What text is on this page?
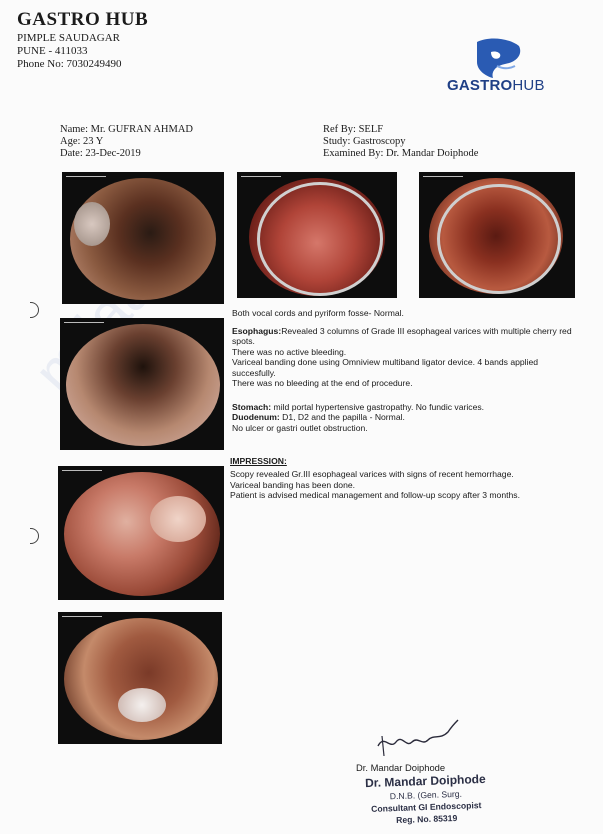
GASTRO HUB
PIMPLE SAUDAGAR
PUNE - 411033
Phone No: 7030249490
GASTROHUB
Name: Mr. GUFRAN AHMAD
Age: 23 Y
Date: 23-Dec-2019
Ref By: SELF
Study: Gastroscopy
Examined By: Dr. Mandar Doiphode
Both vocal cords and pyriform fosse- Normal.
Esophagus:Revealed 3 columns of Grade III esophageal varices with multiple cherry red spots.
There was no active bleeding.
Variceal banding done using Omniview multiband ligator device. 4 bands applied succesfully.
There was no bleeding at the end of procedure.
Stomach: mild portal hypertensive gastropathy. No fundic varices.
Duodenum: D1, D2 and the papilla - Normal.
No ulcer or gastri outlet obstruction.
IMPRESSION:
Scopy revealed Gr.III esophageal varices with signs of recent hemorrhage.
Variceal banding has been done.
Patient is advised medical management and follow-up scopy after 3 months.
Dr. Mandar Doiphode
Dr. Mandar Doiphode
D.N.B. (Gen. Surg.
Consultant GI Endoscopist
Reg. No. 85319
